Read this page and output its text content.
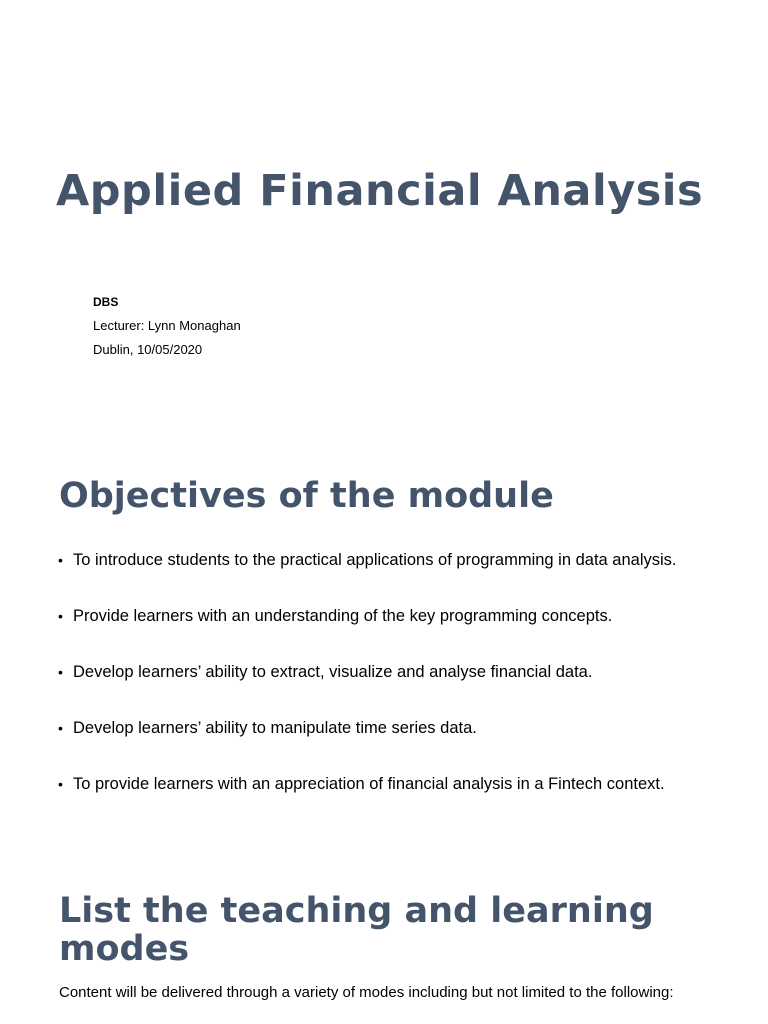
Applied Financial Analysis
DBS
Lecturer: Lynn Monaghan
Dublin, 10/05/2020
Objectives of the module
• To introduce students to the practical applications of programming in data analysis.
• Provide learners with an understanding of the key programming concepts.
• Develop learners’ ability to extract, visualize and analyse financial data.
• Develop learners’ ability to manipulate time series data.
• To provide learners with an appreciation of financial analysis in a Fintech context.
List the teaching and learning modes
Content will be delivered through a variety of modes including but not limited to the following:
